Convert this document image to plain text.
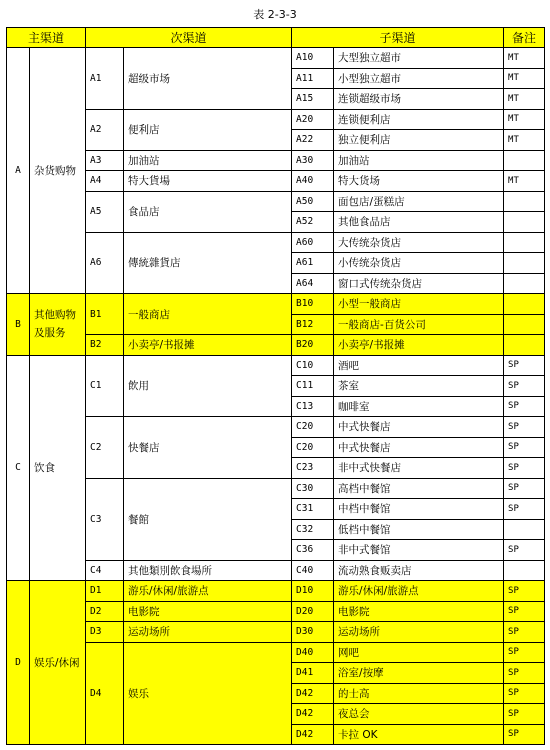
表 2-3-3
主渠道		次渠道		子渠道		备注
A	杂货购物	A1	超级市场	A10	大型独立超市	MT
				A11	小型独立超市	MT
				A15	连锁超级市场	MT
		A2	便利店	A20	连锁便利店	MT
				A22	独立便利店	MT
		A3	加油站	A30	加油站	
		A4	特大貨場	A40	特大货场	MT
		A5	食品店	A50	面包店/蛋糕店	
				A52	其他食品店	
		A6	傳統雜貨店	A60	大传统杂货店	
				A61	小传统杂货店	
				A64	窗口式传统杂货店	
B	其他购物及服务	B1	一般商店	B10	小型一般商店	
				B12	一般商店-百货公司	
		B2	小卖亭/书报摊	B20	小卖亭/书报摊	
C	饮食	C1	飲用	C10	酒吧	SP
				C11	茶室	SP
				C13	咖啡室	SP
		C2	快餐店	C20	中式快餐店	SP
				C20	中式快餐店	SP
				C23	非中式快餐店	SP
		C3	餐館	C30	高档中餐馆	SP
				C31	中档中餐馆	SP
				C32	低档中餐馆	
				C36	非中式餐馆	SP
		C4	其他類別飲食場所	C40	流动熟食贩卖店	
D	娱乐/休闲	D1	游乐/休闲/旅游点	D10	游乐/休闲/旅游点	SP
		D2	电影院	D20	电影院	SP
		D3	运动场所	D30	运动场所	SP
		D4	娱乐	D40	网吧	SP
				D41	浴室/按摩	SP
				D42	的士高	SP
				D42	夜总会	SP
				D42	卡拉 OK	SP
